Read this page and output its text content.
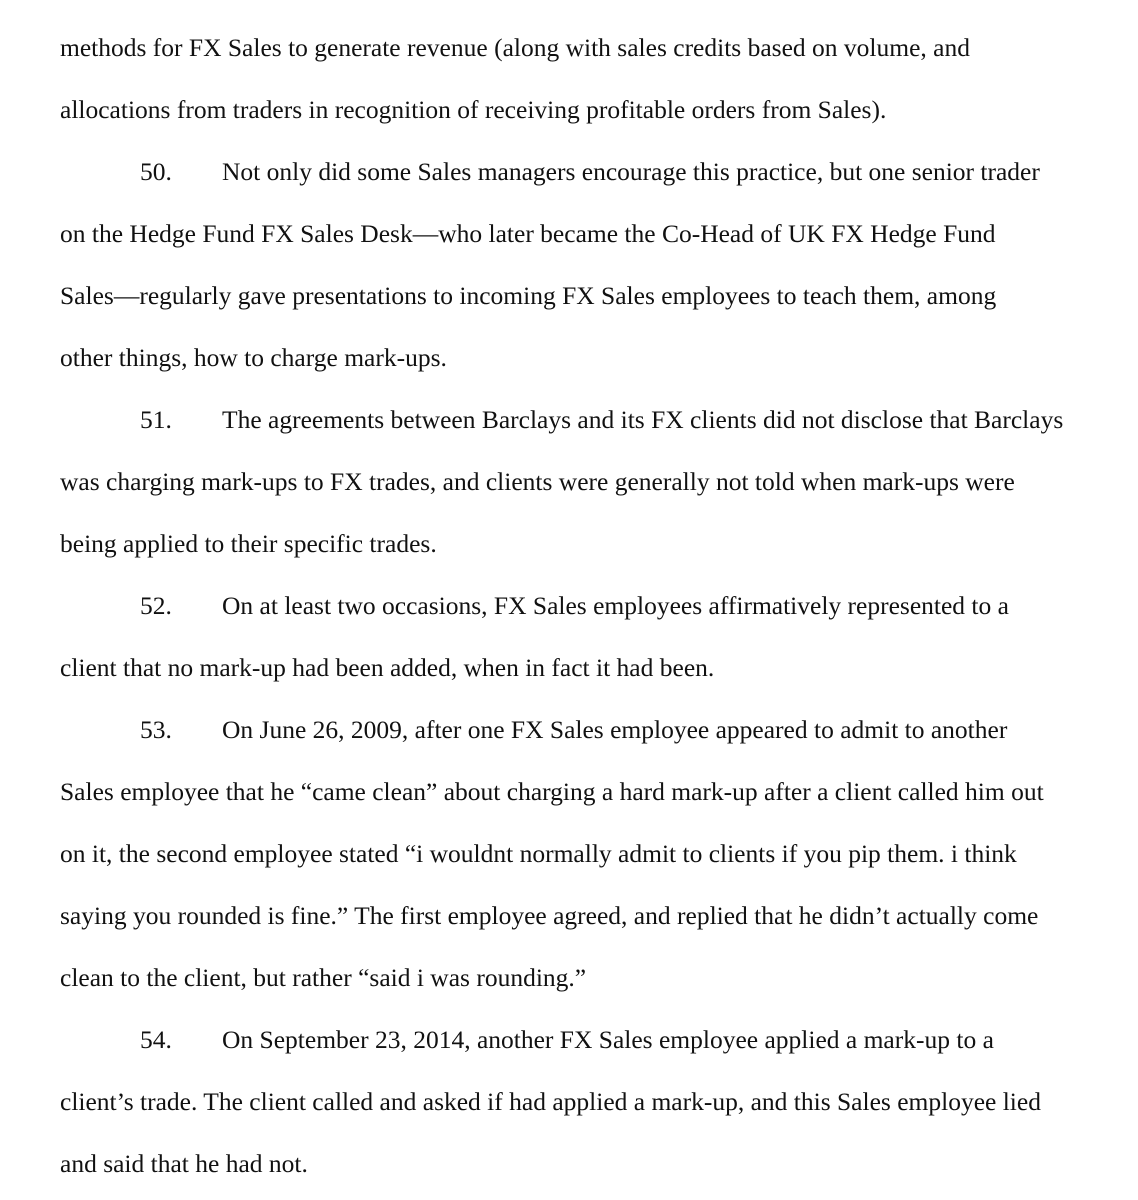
methods for FX Sales to generate revenue (along with sales credits based on volume, and
allocations from traders in recognition of receiving profitable orders from Sales).
50. Not only did some Sales managers encourage this practice, but one senior trader
on the Hedge Fund FX Sales Desk—who later became the Co-Head of UK FX Hedge Fund
Sales—regularly gave presentations to incoming FX Sales employees to teach them, among
other things, how to charge mark-ups.
51. The agreements between Barclays and its FX clients did not disclose that Barclays
was charging mark-ups to FX trades, and clients were generally not told when mark-ups were
being applied to their specific trades.
52. On at least two occasions, FX Sales employees affirmatively represented to a
client that no mark-up had been added, when in fact it had been.
53. On June 26, 2009, after one FX Sales employee appeared to admit to another
Sales employee that he “came clean” about charging a hard mark-up after a client called him out
on it, the second employee stated “i wouldnt normally admit to clients if you pip them. i think
saying you rounded is fine.” The first employee agreed, and replied that he didn’t actually come
clean to the client, but rather “said i was rounding.”
54. On September 23, 2014, another FX Sales employee applied a mark-up to a
client’s trade. The client called and asked if had applied a mark-up, and this Sales employee lied
and said that he had not.
